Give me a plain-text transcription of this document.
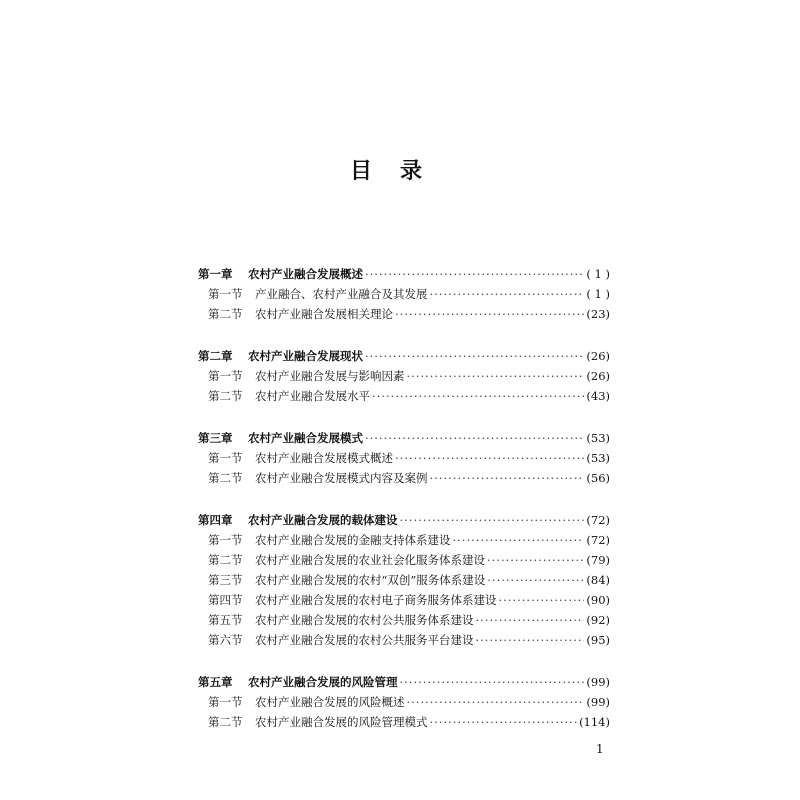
目录
第一章	农村产业融合发展概述 ·····	( 1 )
第一节	产业融合、农村产业融合及其发展 ·····	( 1 )
第二节	农村产业融合发展相关理论 ·····	(23)
第二章	农村产业融合发展现状 ·····	(26)
第一节	农村产业融合发展与影响因素 ·····	(26)
第二节	农村产业融合发展水平 ·····	(43)
第三章	农村产业融合发展模式 ·····	(53)
第一节	农村产业融合发展模式概述 ·····	(53)
第二节	农村产业融合发展模式内容及案例 ·····	(56)
第四章	农村产业融合发展的载体建设 ·····	(72)
第一节	农村产业融合发展的金融支持体系建设 ·····	(72)
第二节	农村产业融合发展的农业社会化服务体系建设 ·····	(79)
第三节	农村产业融合发展的农村“双创”服务体系建设 ·····	(84)
第四节	农村产业融合发展的农村电子商务服务体系建设 ·····	(90)
第五节	农村产业融合发展的农村公共服务体系建设 ·····	(92)
第六节	农村产业融合发展的农村公共服务平台建设 ·····	(95)
第五章	农村产业融合发展的风险管理 ·····	(99)
第一节	农村产业融合发展的风险概述 ·····	(99)
第二节	农村产业融合发展的风险管理模式 ·····	(114)
1
